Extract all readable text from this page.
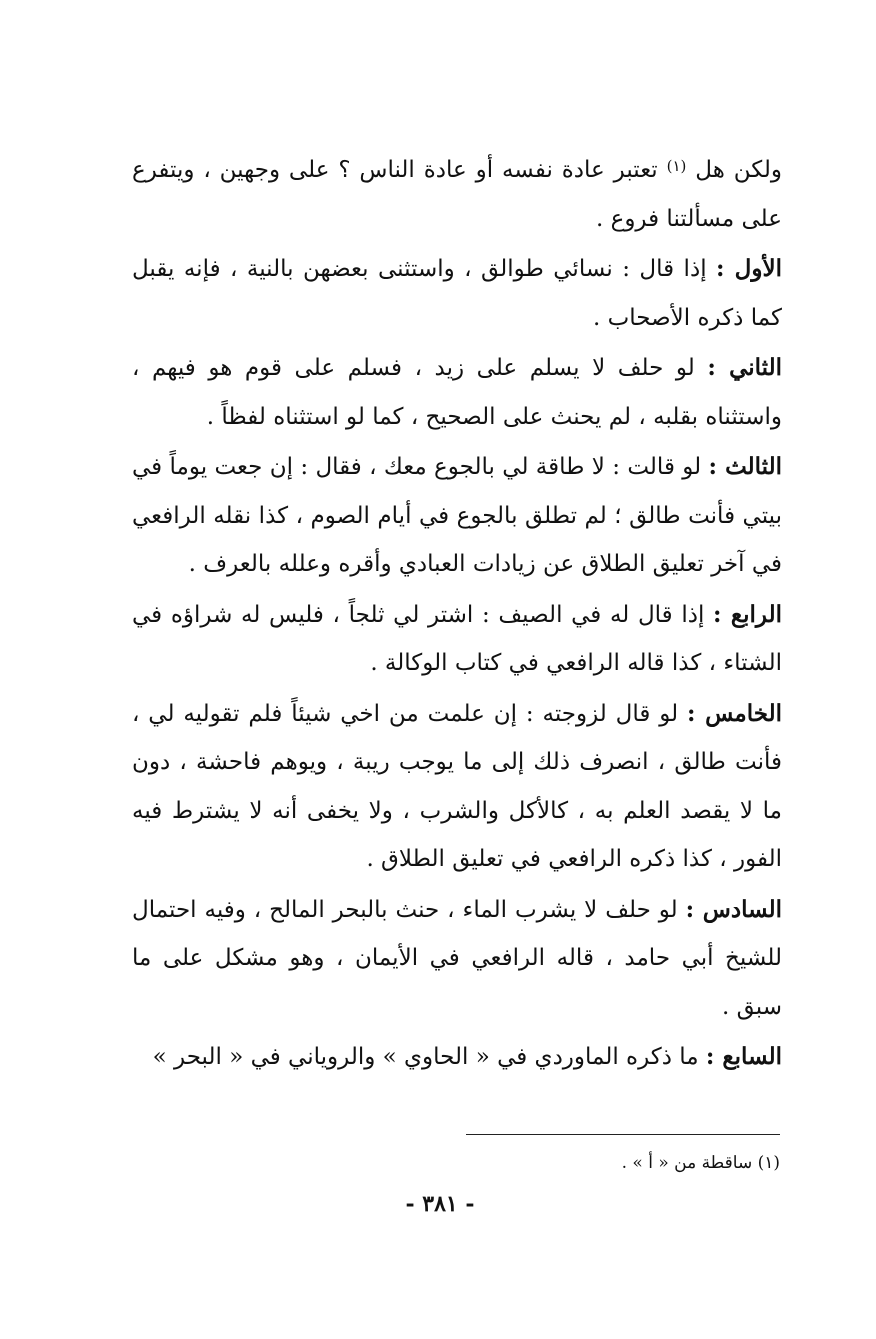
ولكن هل $^{(١)}$ تعتبر عادة نفسه أو عادة الناس ؟ على وجهين ، ويتفرع على مسألتنا فروع .

الأول : إذا قال : نسائي طوالق ، واستثنى بعضهن بالنية ، فإنه يقبل كما ذكره الأصحاب .

الثاني : لو حلف لا يسلم على زيد ، فسلم على قوم هو فيهم ، واستثناه بقلبه ، لم يحنث على الصحيح ، كما لو استثناه لفظاً .

الثالث : لو قالت : لا طاقة لي بالجوع معك ، فقال : إن جعت يوماً في بيتي فأنت طالق ؛ لم تطلق بالجوع في أيام الصوم ، كذا نقله الرافعي في آخر تعليق الطلاق عن زيادات العبادي وأقره وعلله بالعرف .

الرابع : إذا قال له في الصيف : اشتر لي ثلجاً ، فليس له شراؤه في الشتاء ، كذا قاله الرافعي في كتاب الوكالة .

الخامس : لو قال لزوجته : إن علمت من اخي شيئاً فلم تقوليه لي ، فأنت طالق ، انصرف ذلك إلى ما يوجب ريبة ، ويوهم فاحشة ، دون ما لا يقصد العلم به ، كالأكل والشرب ، ولا يخفى أنه لا يشترط فيه الفور ، كذا ذكره الرافعي في تعليق الطلاق .

السادس : لو حلف لا يشرب الماء ، حنث بالبحر المالح ، وفيه احتمال للشيخ أبي حامد ، قاله الرافعي في الأيمان ، وهو مشكل على ما سبق .

السابع : ما ذكره الماوردي في « الحاوي » والروياني في « البحر »

(١) ساقطة من « أ » .
- ٣٨١ -
